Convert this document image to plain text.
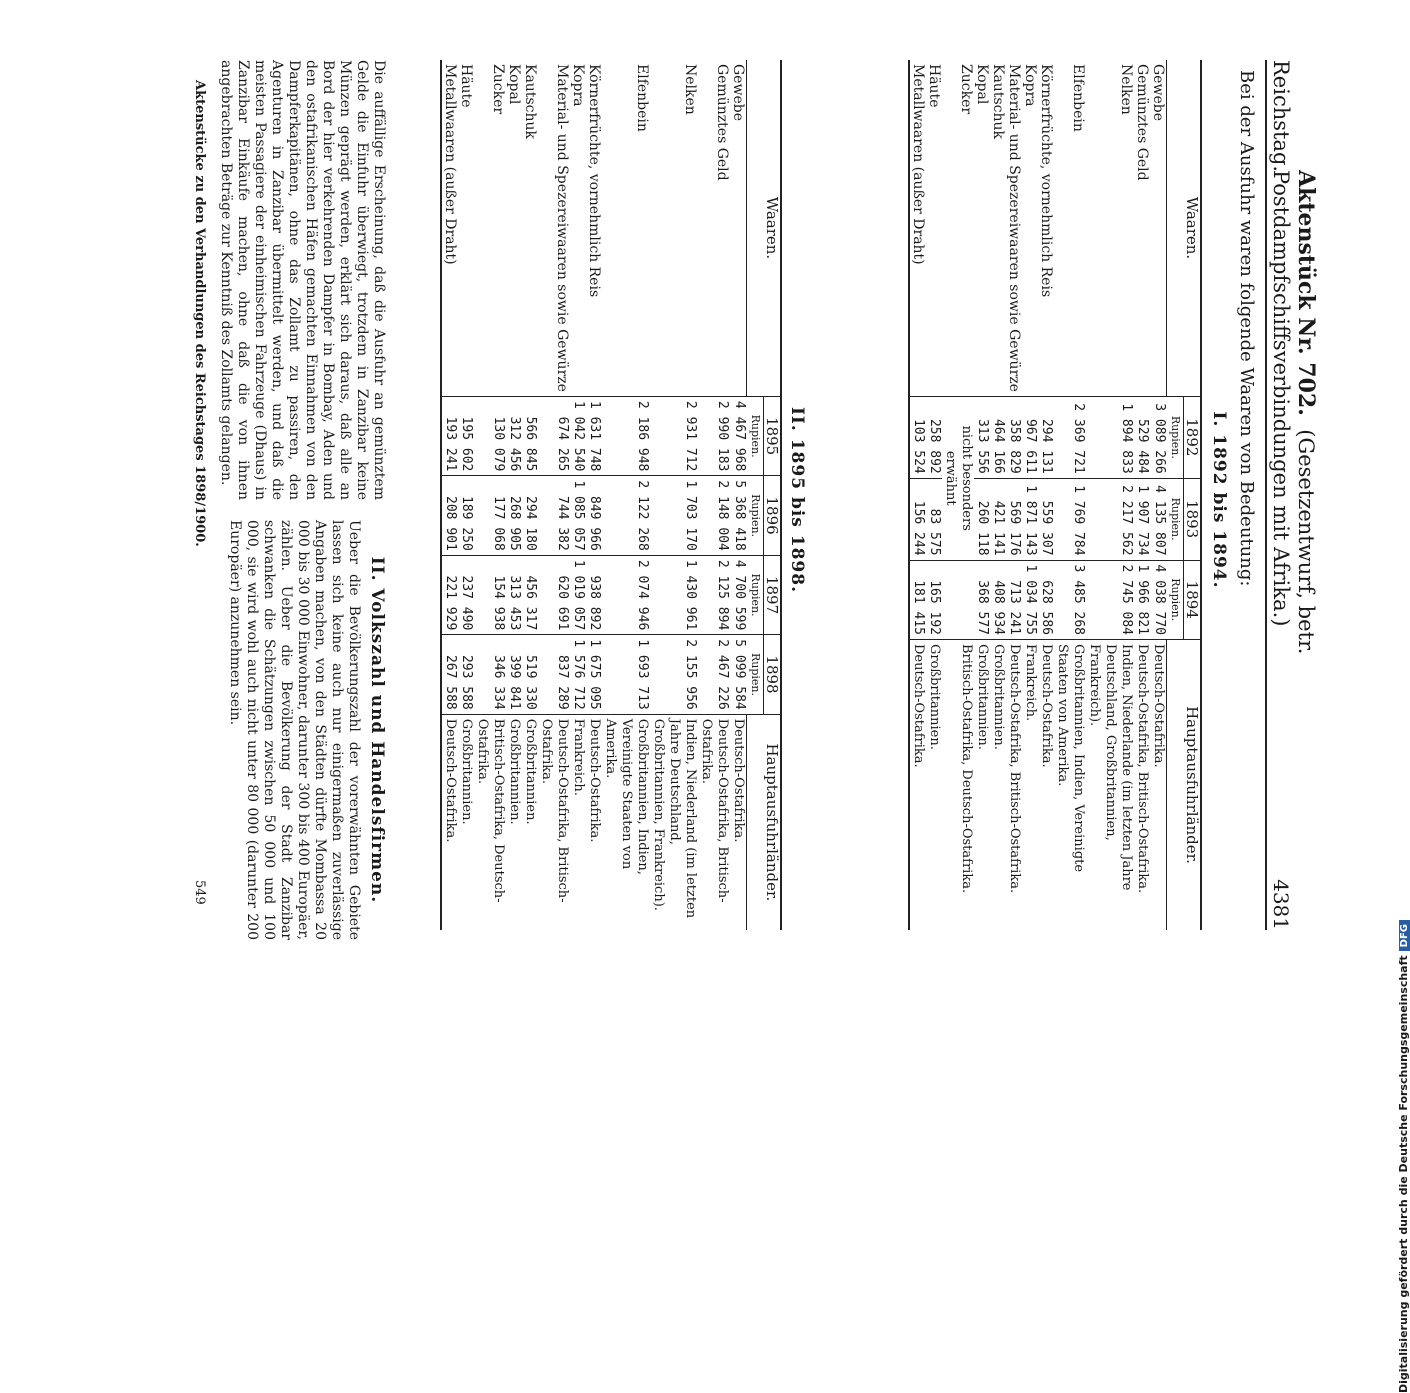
Reichstag.
Aktenstück Nr. 702.  (Gesetzentwurf, betr. Postdampfschiffsverbindungen mit Afrika.)
4381
Bei der Ausfuhr waren folgende Waaren von Bedeutung:
I. 1892 bis 1894.
Waaren.	1892	1893	1894	Hauptausfuhrländer.
	Rupien.	Rupien.	Rupien.	
Gewebe	3 089 266	4 135 807	4 038 770	Deutsch-Ostafrika.
Gemünztes Geld	529 484	1 907 734	1 966 821	Deutsch-Ostafrika, Britisch-Ostafrika.
Nelken	1 894 833	2 217 562	2 745 084	Indien, Niederlande (im letzten Jahre Deutschland, Großbritannien, Frankreich).
Elfenbein	2 369 721	1 769 784	3 485 268	Großbritannien, Indien, Vereinigte Staaten von Amerika.
Körnerfrüchte, vornehmlich Reis	294 131	559 307	628 586	Deutsch-Ostafrika.
Kopra	967 611	1 871 143	1 034 755	Frankreich.
Material- und Spezereiwaaren sowie Gewürze	358 829	569 176	713 241	Deutsch-Ostafrika, Britisch-Ostafrika.
Kautschuk	464 166	421 141	408 934	Großbritannien.
Kopal	313 556	260 118	368 577	Großbritannien.
Zucker	nicht besonders erwähnt			Britisch-Ostafrika, Deutsch-Ostafrika.
Häute	258 892	83 575	165 192	Großbritannien.
Metallwaaren (außer Draht)	103 524	156 244	181 415	Deutsch-Ostafrika.
II. 1895 bis 1898.
Waaren.	1895	1896	1897	1898	Hauptausfuhrländer.
	Rupien.	Rupien.	Rupien.	Rupien.	
Gewebe	4 467 968	5 368 418	4 700 599	5 099 584	Deutsch-Ostafrika.
Gemünztes Geld	2 990 183	2 148 004	2 125 894	2 467 226	Deutsch-Ostafrika, Britisch-Ostafrika.
Nelken	2 931 712	1 703 170	1 430 961	2 155 956	Indien, Niederland (im letzten Jahre Deutschland, Großbritannien, Frankreich).
Elfenbein	2 186 948	2 122 268	2 074 946	1 693 713	Großbritannien, Indien, Vereinigte Staaten von Amerika.
Körnerfrüchte, vornehmlich Reis	1 631 748	849 966	938 892	1 675 095	Deutsch-Ostafrika.
Kopra	1 042 540	1 085 057	1 019 057	1 576 712	Frankreich.
Material- und Spezereiwaaren sowie Gewürze	674 265	744 382	620 691	837 289	Deutsch-Ostafrika, Britisch-Ostafrika.
Kautschuk	566 845	294 180	456 317	519 330	Großbritannien.
Kopal	312 456	268 905	313 453	399 841	Großbritannien.
Zucker	130 079	177 068	154 938	346 334	Britisch-Ostafrika, Deutsch-Ostafrika.
Häute	195 602	189 250	237 490	293 588	Großbritannien.
Metallwaaren (außer Draht)	193 241	208 901	221 929	267 588	Deutsch-Ostafrika.
Die auffällige Erscheinung, daß die Ausfuhr an gemünztem Gelde die Einfuhr überwiegt, trotzdem in Zanzibar keine Münzen geprägt werden, erklärt sich daraus, daß alle an Bord der hier verkehrenden Dampfer in Bombay, Aden und den ostafrikanischen Häfen gemachten Einnahmen von den Dampferkapitänen, ohne das Zollamt zu passiren, den Agenturen in Zanzibar übermittelt werden, und daß die meisten Passagiere der einheimischen Fahrzeuge (Dhaus) in Zanzibar Einkäufe machen, ohne daß die von ihnen angebrachten Beträge zur Kenntniß des Zollamts gelangen.
Aktenstücke zu den Verhandlungen des Reichstages 1898/1900.
II. Volkszahl und Handelsfirmen.
Ueber die Bevölkerungszahl der vorerwähnten Gebiete lassen sich keine auch nur einigermaßen zuverlässige Angaben machen, von den Städten dürfte Mombassa 20 000 bis 30 000 Einwohner, darunter 300 bis 400 Europäer, zählen. Ueber die Bevölkerung der Stadt Zanzibar schwanken die Schätzungen zwischen 50 000 und 100 000, sie wird wohl auch nicht unter 80 000 (darunter 200 Europäer) anzunehmen sein.
549
Digitalisierung gefördert durch die Deutsche ForschungsgemeinschaftDFG
